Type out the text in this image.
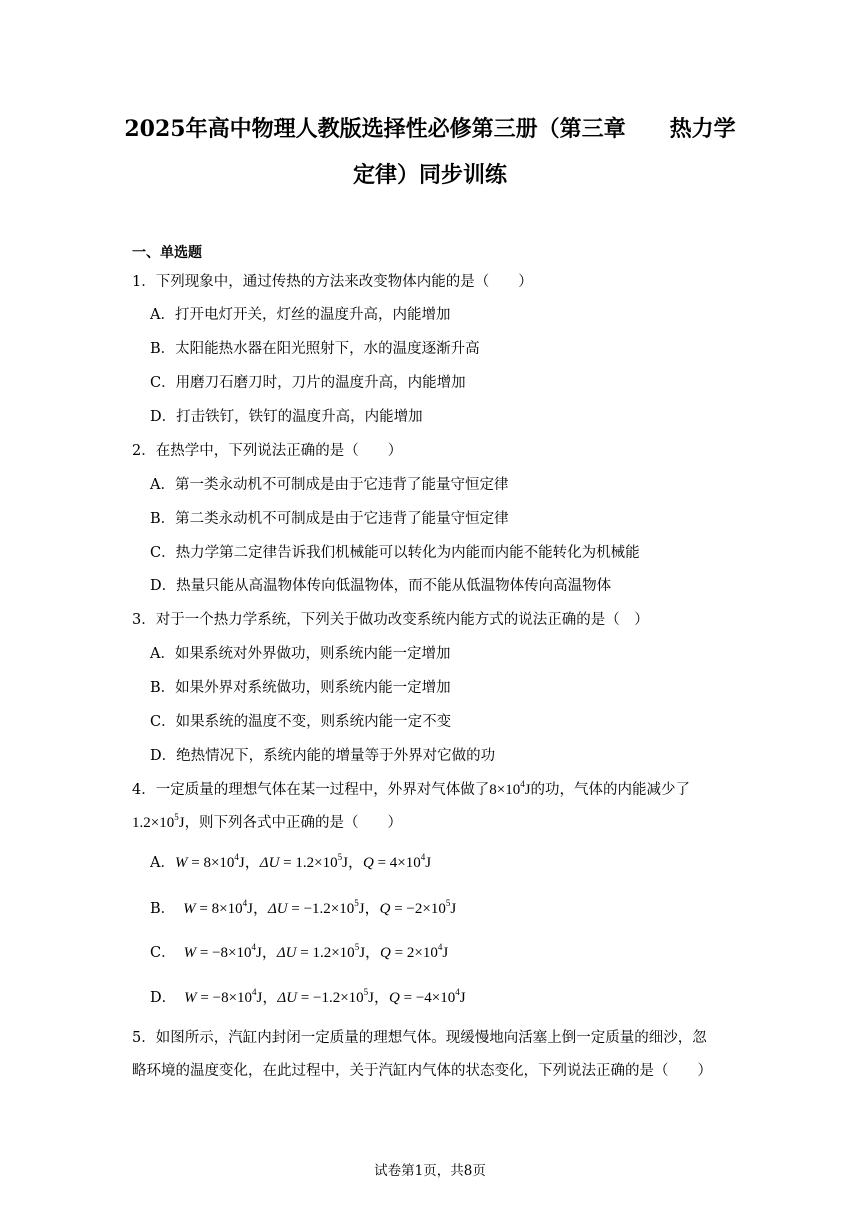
2025年高中物理人教版选择性必修第三册（第三章　　热力学
定律）同步训练
一、单选题
1．下列现象中，通过传热的方法来改变物体内能的是（　　）
A．打开电灯开关，灯丝的温度升高，内能增加
B．太阳能热水器在阳光照射下，水的温度逐渐升高
C．用磨刀石磨刀时，刀片的温度升高，内能增加
D．打击铁钉，铁钉的温度升高，内能增加
2．在热学中，下列说法正确的是（　　）
A．第一类永动机不可制成是由于它违背了能量守恒定律
B．第二类永动机不可制成是由于它违背了能量守恒定律
C．热力学第二定律告诉我们机械能可以转化为内能而内能不能转化为机械能
D．热量只能从高温物体传向低温物体，而不能从低温物体传向高温物体
3．对于一个热力学系统，下列关于做功改变系统内能方式的说法正确的是（　）
A．如果系统对外界做功，则系统内能一定增加
B．如果外界对系统做功，则系统内能一定增加
C．如果系统的温度不变，则系统内能一定不变
D．绝热情况下，系统内能的增量等于外界对它做的功
4．一定质量的理想气体在某一过程中，外界对气体做了$8\times 10^4J$的功，气体的内能减少了
$1.2\times 10^5J$，则下列各式中正确的是（　　）
A．$W = 8\times 10^4J$，$\Delta U = 1.2\times 10^5J$，$Q = 4\times 10^4J$
B． $W = 8\times 10^4J$，$\Delta U = -1.2\times 10^5J$，$Q = -2\times 10^5J$
C． $W = -8\times 10^4J$，$\Delta U = 1.2\times 10^5J$，$Q = 2\times 10^4J$
D． $W = -8\times 10^4J$，$\Delta U = -1.2\times 10^5J$，$Q = -4\times 10^4J$
5．如图所示，汽缸内封闭一定质量的理想气体。现缓慢地向活塞上倒一定质量的细沙，忽
略环境的温度变化，在此过程中，关于汽缸内气体的状态变化，下列说法正确的是（　　）
试卷第1页，共8页
